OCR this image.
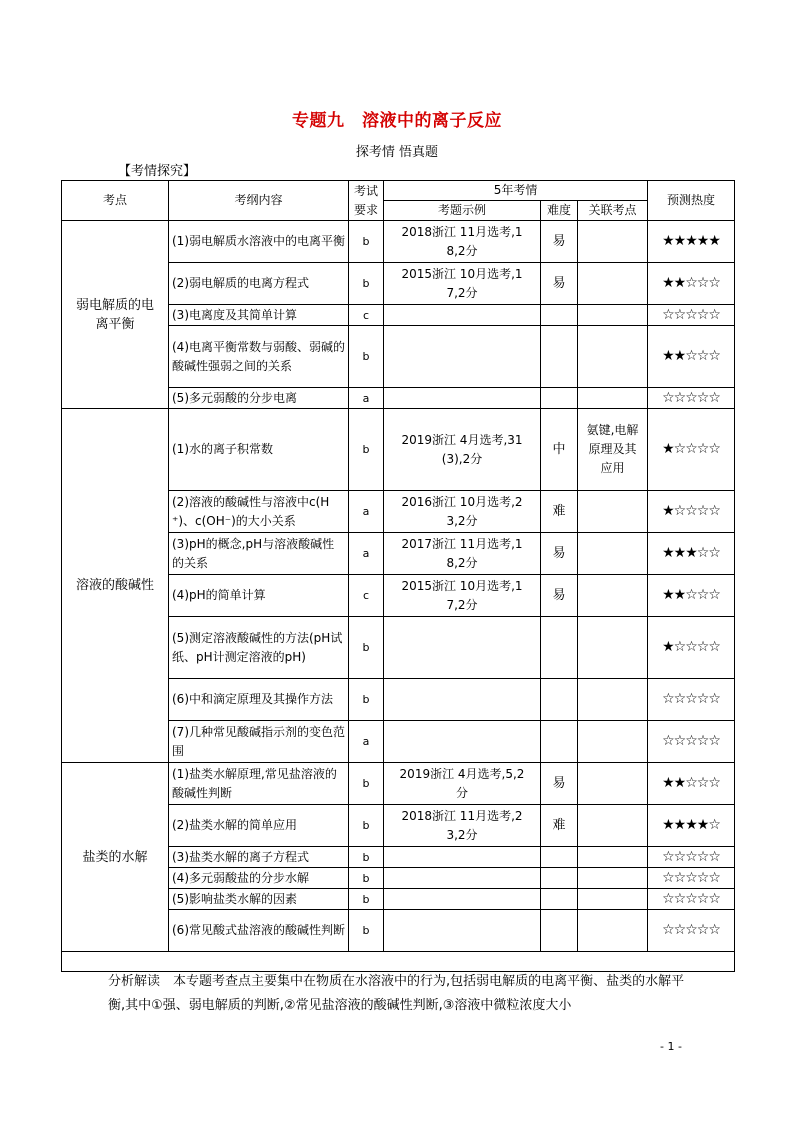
专题九　溶液中的离子反应
探考情 悟真题
【考情探究】
考点	考纲内容	考试要求	5年考情			预测热度
			考题示例	难度	关联考点	
弱电解质的电离平衡	(1)弱电解质水溶液中的电离平衡	b	2018浙江 11月选考,18,2分	易		★★★★★
	(2)弱电解质的电离方程式	b	2015浙江 10月选考,17,2分	易		★★☆☆☆
	(3)电离度及其简单计算	c				☆☆☆☆☆
	(4)电离平衡常数与弱酸、弱碱的酸碱性强弱之间的关系	b				★★☆☆☆
	(5)多元弱酸的分步电离	a				☆☆☆☆☆
溶液的酸碱性	(1)水的离子积常数	b	2019浙江 4月选考,31(3),2分	中	氨键,电解原理及其应用	★☆☆☆☆
	(2)溶液的酸碱性与溶液中c(H⁺)、c(OH⁻)的大小关系	a	2016浙江 10月选考,23,2分	难		★☆☆☆☆
	(3)pH的概念,pH与溶液酸碱性的关系	a	2017浙江 11月选考,18,2分	易		★★★☆☆
	(4)pH的简单计算	c	2015浙江 10月选考,17,2分	易		★★☆☆☆
	(5)测定溶液酸碱性的方法(pH试纸、pH计测定溶液的pH)	b				★☆☆☆☆
	(6)中和滴定原理及其操作方法	b				☆☆☆☆☆
	(7)几种常见酸碱指示剂的变色范围	a				☆☆☆☆☆
盐类的水解	(1)盐类水解原理,常见盐溶液的酸碱性判断	b	2019浙江 4月选考,5,2分	易		★★☆☆☆
	(2)盐类水解的简单应用	b	2018浙江 11月选考,23,2分	难		★★★★☆
	(3)盐类水解的离子方程式	b				☆☆☆☆☆
	(4)多元弱酸盐的分步水解	b				☆☆☆☆☆
	(5)影响盐类水解的因素	b				☆☆☆☆☆
	(6)常见酸式盐溶液的酸碱性判断	b				☆☆☆☆☆

分析解读　本专题考查点主要集中在物质在水溶液中的行为,包括弱电解质的电离平衡、盐类的水解平衡,其中①强、弱电解质的判断,②常见盐溶液的酸碱性判断,③溶液中微粒浓度大小
- 1 -
